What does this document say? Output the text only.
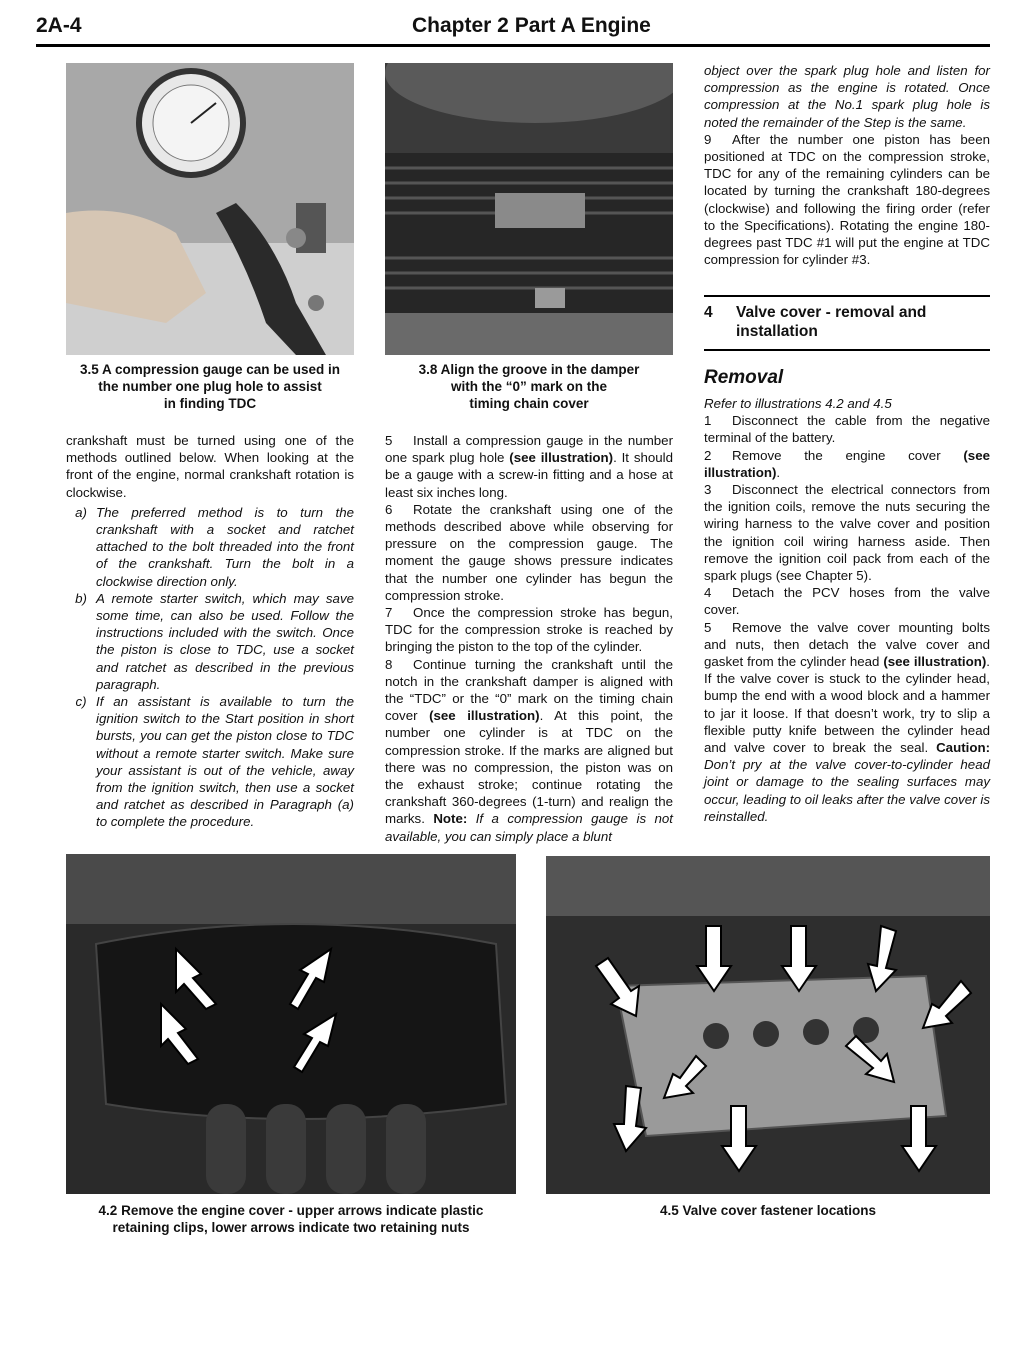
2A-4	Chapter 2 Part A Engine
3.5 A compression gauge can be used in
the number one plug hole to assist
in finding TDC
3.8 Align the groove in the damper
with the “0” mark on the
timing chain cover

crankshaft must be turned using one of the methods outlined below. When looking at the front of the engine, normal crankshaft rotation is clockwise.

a) The preferred method is to turn the crankshaft with a socket and ratchet attached to the bolt threaded into the front of the crankshaft. Turn the bolt in a clockwise direction only.
b) A remote starter switch, which may save some time, can also be used. Follow the instructions included with the switch. Once the piston is close to TDC, use a socket and ratchet as described in the previous paragraph.
c) If an assistant is available to turn the ignition switch to the Start position in short bursts, you can get the piston close to TDC without a remote starter switch. Make sure your assistant is out of the vehicle, away from the ignition switch, then use a socket and ratchet as described in Paragraph (a) to complete the procedure.

5 Install a compression gauge in the number one spark plug hole (see illustration). It should be a gauge with a screw-in fitting and a hose at least six inches long.

6 Rotate the crankshaft using one of the methods described above while observing for pressure on the compression gauge. The moment the gauge shows pressure indicates that the number one cylinder has begun the compression stroke.

7 Once the compression stroke has begun, TDC for the compression stroke is reached by bringing the piston to the top of the cylinder.

8 Continue turning the crankshaft until the notch in the crankshaft damper is aligned with the “TDC” or the “0” mark on the timing chain cover (see illustration). At this point, the number one cylinder is at TDC on the compression stroke. If the marks are aligned but there was no compression, the piston was on the exhaust stroke; continue rotating the crankshaft 360-degrees (1-turn) and realign the marks. Note: If a compression gauge is not available, you can simply place a blunt

object over the spark plug hole and listen for compression as the engine is rotated. Once compression at the No.1 spark plug hole is noted the remainder of the Step is the same.

9 After the number one piston has been positioned at TDC on the compression stroke, TDC for any of the remaining cylinders can be located by turning the crankshaft 180-degrees (clockwise) and following the firing order (refer to the Specifications). Rotating the engine 180-degrees past TDC #1 will put the engine at TDC compression for cylinder #3.

4	Valve cover - removal and
installation
Removal

Refer to illustrations 4.2 and 4.5

1 Disconnect the cable from the negative terminal of the battery.

2 Remove the engine cover (see illustration).

3 Disconnect the electrical connectors from the ignition coils, remove the nuts securing the wiring harness to the valve cover and position the ignition coil wiring harness aside. Then remove the ignition coil pack from each of the spark plugs (see Chapter 5).

4 Detach the PCV hoses from the valve cover.

5 Remove the valve cover mounting bolts and nuts, then detach the valve cover and gasket from the cylinder head (see illustration). If the valve cover is stuck to the cylinder head, bump the end with a wood block and a hammer to jar it loose. If that doesn’t work, try to slip a flexible putty knife between the cylinder head and valve cover to break the seal. Caution: Don’t pry at the valve cover-to-cylinder head joint or damage to the sealing surfaces may occur, leading to oil leaks after the valve cover is reinstalled.

4.2 Remove the engine cover - upper arrows indicate plastic
retaining clips, lower arrows indicate two retaining nuts
4.5 Valve cover fastener locations
